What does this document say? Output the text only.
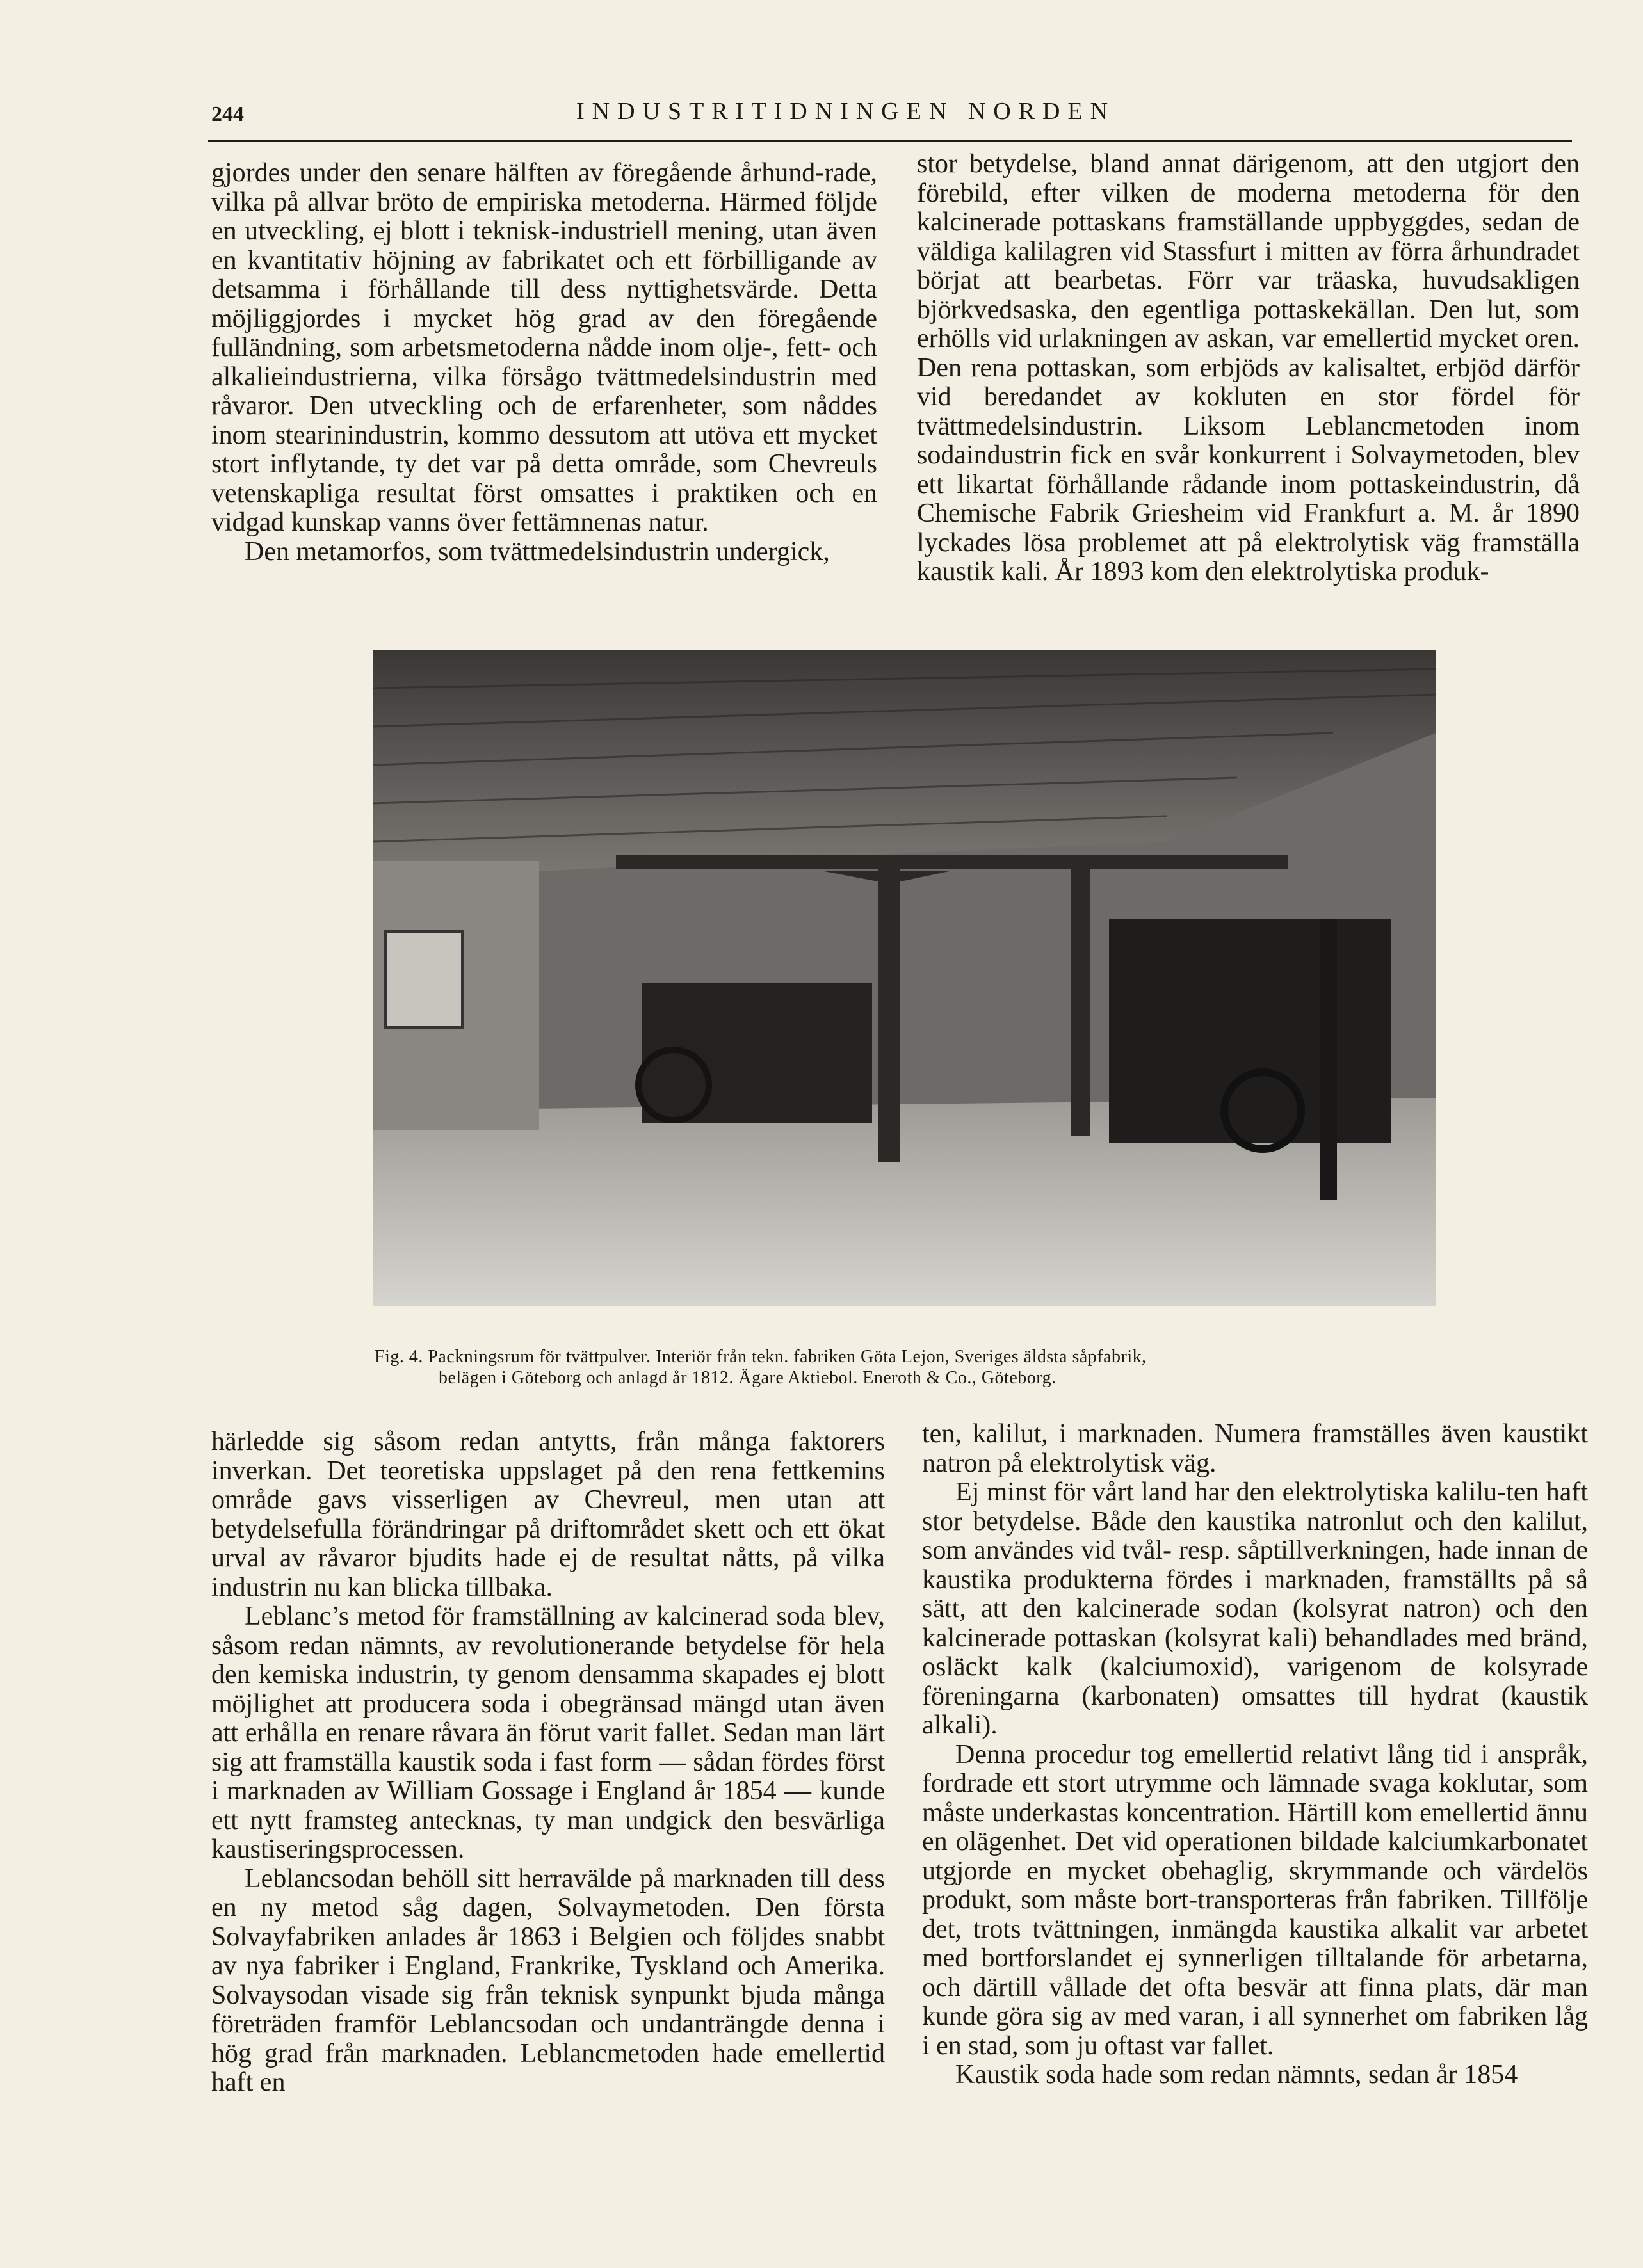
244	INDUSTRITIDNINGEN NORDEN

gjordes under den senare hälften av föregående århund-rade, vilka på allvar bröto de empiriska metoderna. Härmed följde en utveckling, ej blott i teknisk-industriell mening, utan även en kvantitativ höjning av fabrikatet och ett förbilligande av detsamma i förhållande till dess nyttighetsvärde. Detta möjliggjordes i mycket hög grad av den föregående fulländning, som arbetsmetoderna nådde inom olje-, fett- och alkalieindustrierna, vilka försågo tvättmedelsindustrin med råvaror. Den utveckling och de erfarenheter, som nåddes inom stearinindustrin, kommo dessutom att utöva ett mycket stort inflytande, ty det var på detta område, som Chevreuls vetenskapliga resultat först omsattes i praktiken och en vidgad kunskap vanns över fettämnenas natur.

Den metamorfos, som tvättmedelsindustrin undergick,

stor betydelse, bland annat därigenom, att den utgjort den förebild, efter vilken de moderna metoderna för den kalcinerade pottaskans framställande uppbyggdes, sedan de väldiga kalilagren vid Stassfurt i mitten av förra århundradet börjat att bearbetas. Förr var träaska, huvudsakligen björkvedsaska, den egentliga pottaskekällan. Den lut, som erhölls vid urlakningen av askan, var emellertid mycket oren. Den rena pottaskan, som erbjöds av kalisaltet, erbjöd därför vid beredandet av kokluten en stor fördel för tvättmedelsindustrin. Liksom Leblancmetoden inom sodaindustrin fick en svår konkurrent i Solvaymetoden, blev ett likartat förhållande rådande inom pottaskeindustrin, då Chemische Fabrik Griesheim vid Frankfurt a. M. år 1890 lyckades lösa problemet att på elektrolytisk väg framställa kaustik kali. År 1893 kom den elektrolytiska produk-

Fig. 4. Packningsrum för tvättpulver. Interiör från tekn. fabriken Göta Lejon, Sveriges äldsta såpfabrik,
belägen i Göteborg och anlagd år 1812. Ägare Aktiebol. Eneroth & Co., Göteborg.

härledde sig såsom redan antytts, från många faktorers inverkan. Det teoretiska uppslaget på den rena fettkemins område gavs visserligen av Chevreul, men utan att betydelsefulla förändringar på driftområdet skett och ett ökat urval av råvaror bjudits hade ej de resultat nåtts, på vilka industrin nu kan blicka tillbaka.

Leblanc’s metod för framställning av kalcinerad soda blev, såsom redan nämnts, av revolutionerande betydelse för hela den kemiska industrin, ty genom densamma skapades ej blott möjlighet att producera soda i obegränsad mängd utan även att erhålla en renare råvara än förut varit fallet. Sedan man lärt sig att framställa kaustik soda i fast form — sådan fördes först i marknaden av William Gossage i England år 1854 — kunde ett nytt framsteg antecknas, ty man undgick den besvärliga kaustiseringsprocessen.

Leblancsodan behöll sitt herravälde på marknaden till dess en ny metod såg dagen, Solvaymetoden. Den första Solvayfabriken anlades år 1863 i Belgien och följdes snabbt av nya fabriker i England, Frankrike, Tyskland och Amerika. Solvaysodan visade sig från teknisk synpunkt bjuda många företräden framför Leblancsodan och undanträngde denna i hög grad från marknaden. Leblancmetoden hade emellertid haft en

ten, kalilut, i marknaden. Numera framställes även kaustikt natron på elektrolytisk väg.

Ej minst för vårt land har den elektrolytiska kalilu-ten haft stor betydelse. Både den kaustika natronlut och den kalilut, som användes vid tvål- resp. såptillverkningen, hade innan de kaustika produkterna fördes i marknaden, framställts på så sätt, att den kalcinerade sodan (kolsyrat natron) och den kalcinerade pottaskan (kolsyrat kali) behandlades med bränd, osläckt kalk (kalciumoxid), varigenom de kolsyrade föreningarna (karbonaten) omsattes till hydrat (kaustik alkali).

Denna procedur tog emellertid relativt lång tid i anspråk, fordrade ett stort utrymme och lämnade svaga koklutar, som måste underkastas koncentration. Härtill kom emellertid ännu en olägenhet. Det vid operationen bildade kalciumkarbonatet utgjorde en mycket obehaglig, skrymmande och värdelös produkt, som måste bort-transporteras från fabriken. Tillfölje det, trots tvättningen, inmängda kaustika alkalit var arbetet med bortforslandet ej synnerligen tilltalande för arbetarna, och därtill vållade det ofta besvär att finna plats, där man kunde göra sig av med varan, i all synnerhet om fabriken låg i en stad, som ju oftast var fallet.

Kaustik soda hade som redan nämnts, sedan år 1854
